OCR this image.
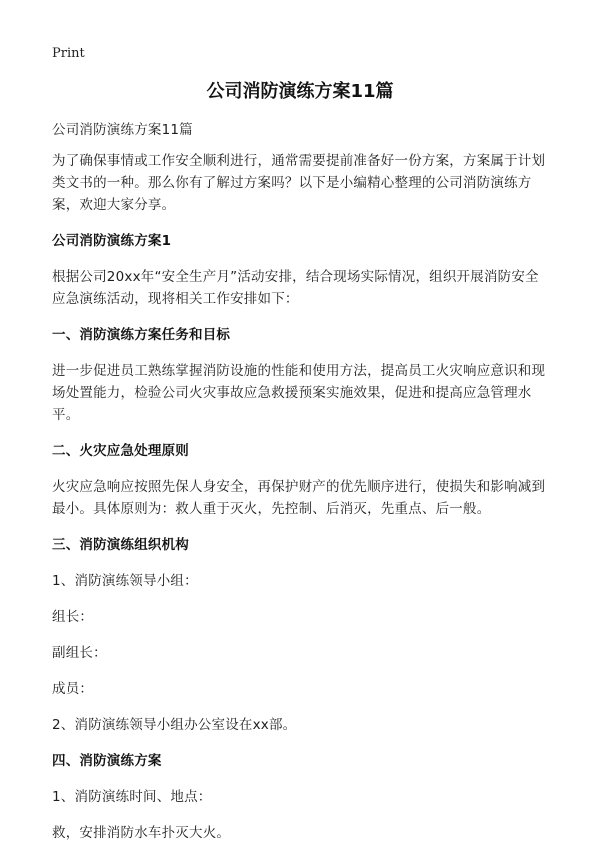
Print
公司消防演练方案11篇

公司消防演练方案11篇

为了确保事情或工作安全顺利进行，通常需要提前准备好一份方案，方案属于计划类文书的一种。那么你有了解过方案吗？以下是小编精心整理的公司消防演练方案，欢迎大家分享。

公司消防演练方案1

根据公司20xx年“安全生产月”活动安排，结合现场实际情况，组织开展消防安全应急演练活动，现将相关工作安排如下：

一、消防演练方案任务和目标

进一步促进员工熟练掌握消防设施的性能和使用方法，提高员工火灾响应意识和现场处置能力，检验公司火灾事故应急救援预案实施效果，促进和提高应急管理水平。

二、火灾应急处理原则

火灾应急响应按照先保人身安全，再保护财产的优先顺序进行，使损失和影响减到最小。具体原则为：救人重于灭火，先控制、后消灭，先重点、后一般。

三、消防演练组织机构

1、消防演练领导小组：

组长：

副组长：

成员：

2、消防演练领导小组办公室设在xx部。

四、消防演练方案

1、消防演练时间、地点：

救，安排消防水车扑灭大火。
